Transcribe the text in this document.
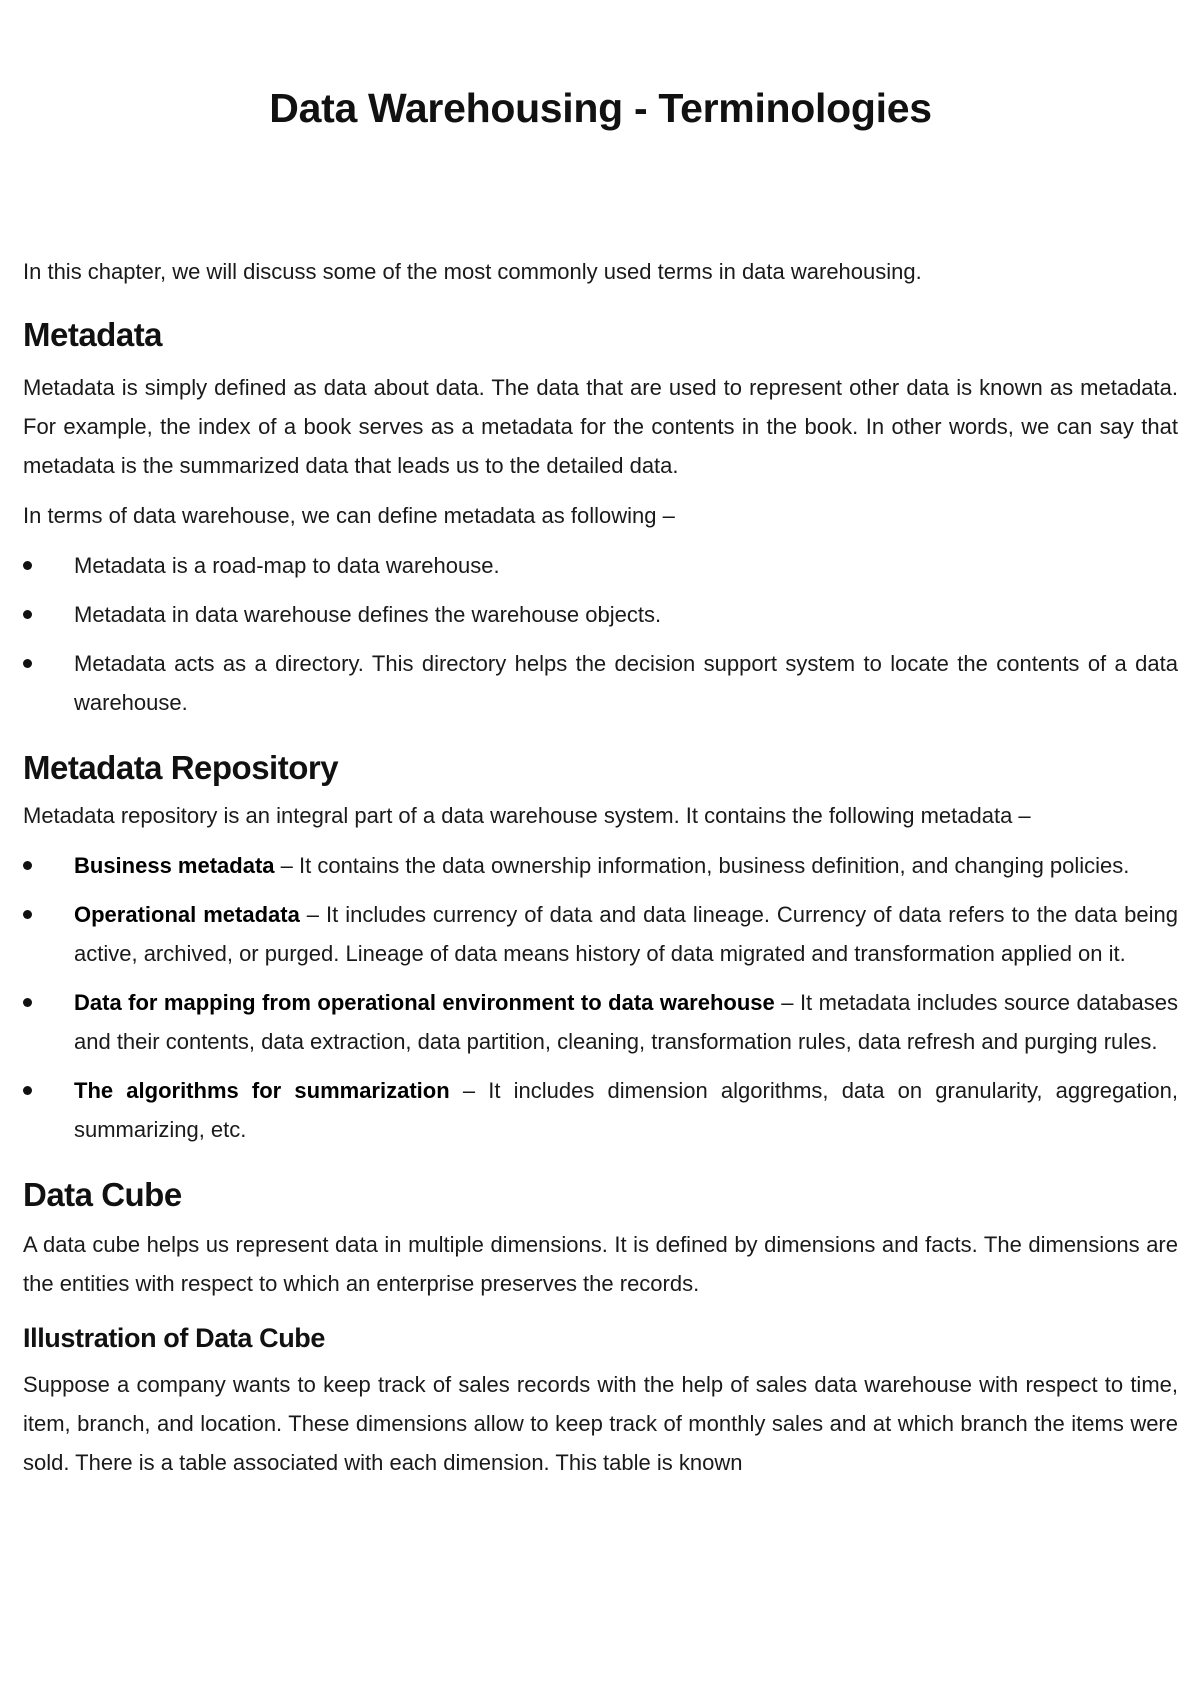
Data Warehousing - Terminologies

In this chapter, we will discuss some of the most commonly used terms in data warehousing.

Metadata

Metadata is simply defined as data about data. The data that are used to represent other data is known as metadata. For example, the index of a book serves as a metadata for the contents in the book. In other words, we can say that metadata is the summarized data that leads us to the detailed data.

In terms of data warehouse, we can define metadata as following –

Metadata is a road-map to data warehouse.
Metadata in data warehouse defines the warehouse objects.
Metadata acts as a directory. This directory helps the decision support system to locate the contents of a data warehouse.
Metadata Repository

Metadata repository is an integral part of a data warehouse system. It contains the following metadata –

Business metadata – It contains the data ownership information, business definition, and changing policies.
Operational metadata – It includes currency of data and data lineage. Currency of data refers to the data being active, archived, or purged. Lineage of data means history of data migrated and transformation applied on it.
Data for mapping from operational environment to data warehouse – It metadata includes source databases and their contents, data extraction, data partition, cleaning, transformation rules, data refresh and purging rules.
The algorithms for summarization – It includes dimension algorithms, data on granularity, aggregation, summarizing, etc.
Data Cube

A data cube helps us represent data in multiple dimensions. It is defined by dimensions and facts. The dimensions are the entities with respect to which an enterprise preserves the records.

Illustration of Data Cube

Suppose a company wants to keep track of sales records with the help of sales data warehouse with respect to time, item, branch, and location. These dimensions allow to keep track of monthly sales and at which branch the items were sold. There is a table associated with each dimension. This table is known
